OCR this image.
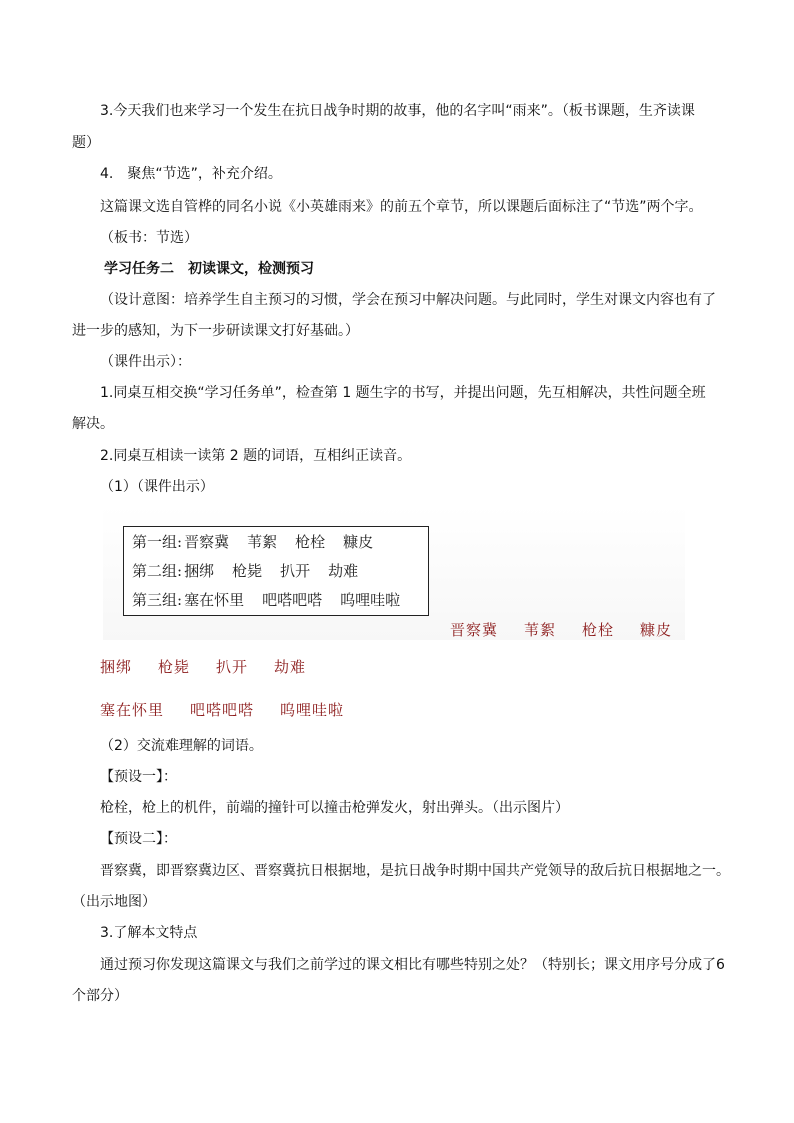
3.今天我们也来学习一个发生在抗日战争时期的故事，他的名字叫“雨来”。（板书课题，生齐读课
题）
4.　聚焦“节选”，补充介绍。
这篇课文选自管桦的同名小说《小英雄雨来》的前五个章节，所以课题后面标注了“节选”两个字。
（板书：节选）
学习任务二　初读课文，检测预习
（设计意图：培养学生自主预习的习惯，学会在预习中解决问题。与此同时，学生对课文内容也有了
进一步的感知，为下一步研读课文打好基础。）
（课件出示）：
1.同桌互相交换“学习任务单”，检查第 1 题生字的书写，并提出问题，先互相解决，共性问题全班
解决。
2.同桌互相读一读第 2 题的词语，互相纠正读音。
（1）（课件出示）
第一组: 晋察冀 苇絮 枪栓 糠皮
第二组: 捆绑 枪毙 扒开 劫难
第三组: 塞在怀里 吧嗒吧嗒 呜哩哇啦
晋察冀 苇絮 枪栓 糠皮
捆绑 枪毙 扒开 劫难
塞在怀里 吧嗒吧嗒 呜哩哇啦
（2）交流难理解的词语。
【预设一】：
枪栓，枪上的机件，前端的撞针可以撞击枪弹发火，射出弹头。（出示图片）
【预设二】：
晋察冀，即晋察冀边区、晋察冀抗日根据地，是抗日战争时期中国共产党领导的敌后抗日根据地之一。
（出示地图）
3.了解本文特点
通过预习你发现这篇课文与我们之前学过的课文相比有哪些特别之处？（特别长；课文用序号分成了6
个部分）
